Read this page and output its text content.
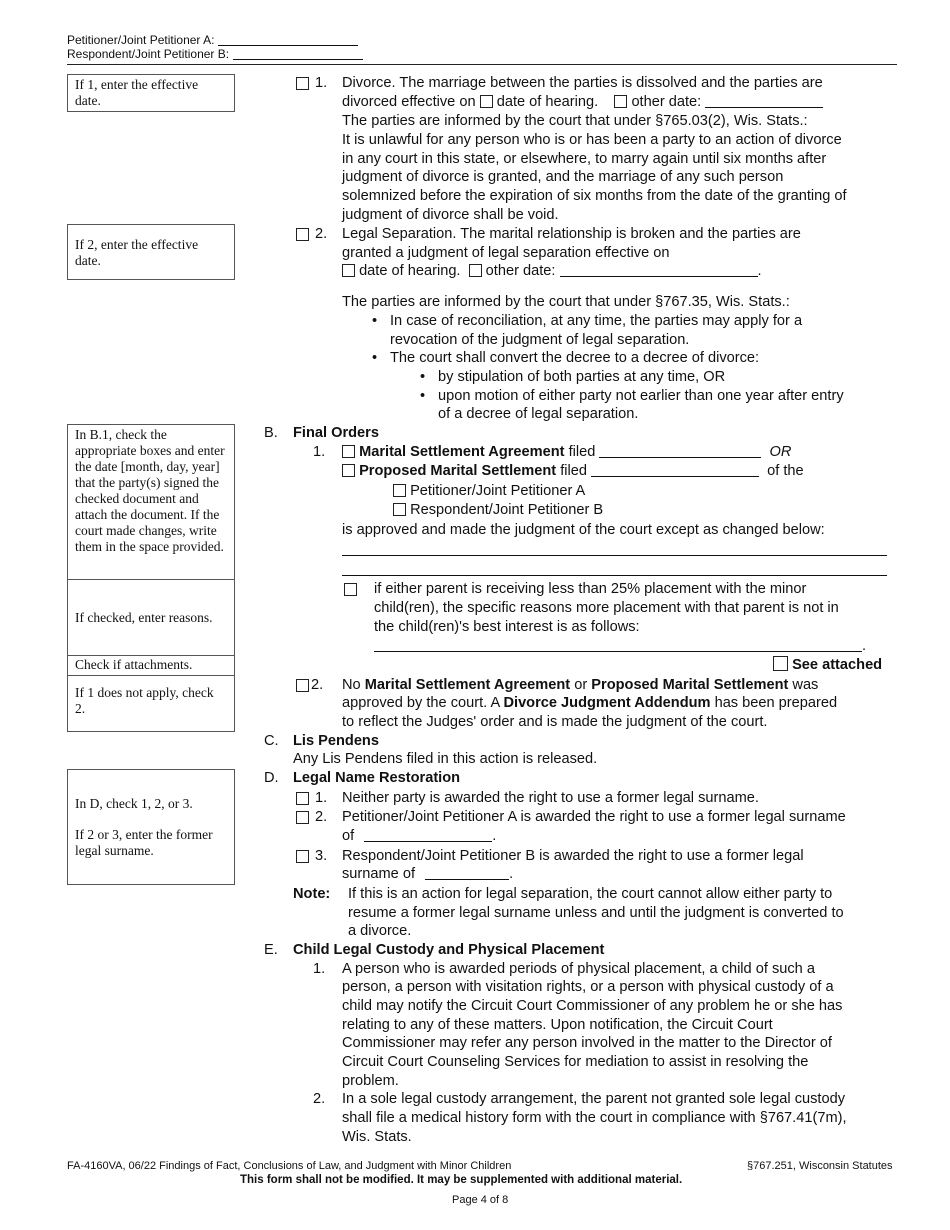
Petitioner/Joint Petitioner A:
Respondent/Joint Petitioner B:
If 1, enter the effective date.
If 2, enter the effective date.
In B.1, check the appropriate boxes and enter the date [month, day, year] that the party(s) signed the checked document and attach the document. If the court made changes, write them in the space provided.
If checked, enter reasons.
Check if attachments.
If 1 does not apply, check 2.
In D, check 1, 2, or 3.
If 2 or 3, enter the former legal surname.
1. Divorce. The marriage between the parties is dissolved and the parties are
divorced effective on date of hearing. other date:
The parties are informed by the court that under §765.03(2), Wis. Stats.:
It is unlawful for any person who is or has been a party to an action of divorce
in any court in this state, or elsewhere, to marry again until six months after
judgment of divorce is granted, and the marriage of any such person
solemnized before the expiration of six months from the date of the granting of
judgment of divorce shall be void.
2. Legal Separation. The marital relationship is broken and the parties are
granted a judgment of legal separation effective on
date of hearing. other date:	.
The parties are informed by the court that under §767.35, Wis. Stats.:
• In case of reconciliation, at any time, the parties may apply for a
revocation of the judgment of legal separation.
• The court shall convert the decree to a decree of divorce:
• by stipulation of both parties at any time, OR
• upon motion of either party not earlier than one year after entry
of a decree of legal separation.
B. Final Orders
1.	Marital Settlement Agreement filed	OR
Proposed Marital Settlement filed	of the
Petitioner/Joint Petitioner A
Respondent/Joint Petitioner B
is approved and made the judgment of the court except as changed below:
if either parent is receiving less than 25% placement with the minor
child(ren), the specific reasons more placement with that parent is not in
the child(ren)'s best interest is as follows:
.
See attached
2. No Marital Settlement Agreement or Proposed Marital Settlement was
approved by the court. A Divorce Judgment Addendum has been prepared
to reflect the Judges' order and is made the judgment of the court.
C. Lis Pendens
Any Lis Pendens filed in this action is released.
D. Legal Name Restoration
1. Neither party is awarded the right to use a former legal surname.
2. Petitioner/Joint Petitioner A is awarded the right to use a former legal surname
of	.
3. Respondent/Joint Petitioner B is awarded the right to use a former legal
surname of	.
Note: If this is an action for legal separation, the court cannot allow either party to
resume a former legal surname unless and until the judgment is converted to
a divorce.
E. Child Legal Custody and Physical Placement
1. A person who is awarded periods of physical placement, a child of such a
person, a person with visitation rights, or a person with physical custody of a
child may notify the Circuit Court Commissioner of any problem he or she has
relating to any of these matters. Upon notification, the Circuit Court
Commissioner may refer any person involved in the matter to the Director of
Circuit Court Counseling Services for mediation to assist in resolving the
problem.
2. In a sole legal custody arrangement, the parent not granted sole legal custody
shall file a medical history form with the court in compliance with §767.41(7m),
Wis. Stats.
FA-4160VA, 06/22 Findings of Fact, Conclusions of Law, and Judgment with Minor Children	§767.251, Wisconsin Statutes
This form shall not be modified. It may be supplemented with additional material.
Page 4 of 8
